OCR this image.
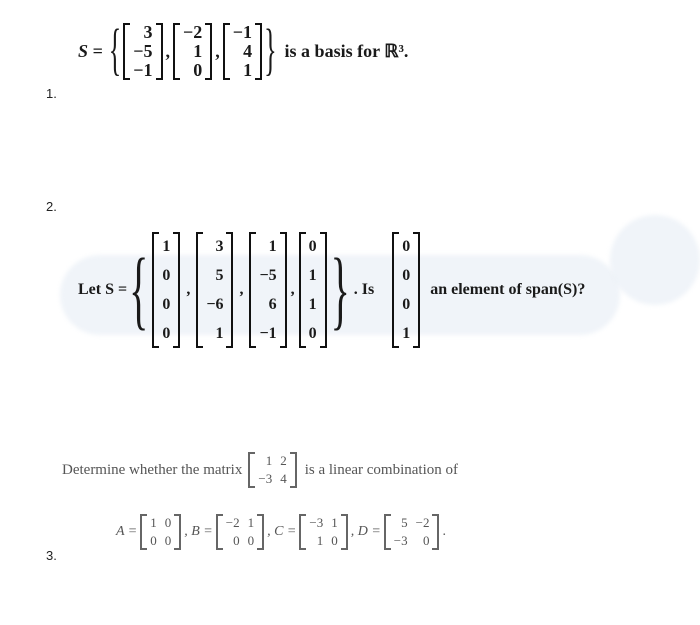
1.
2.
3.
S = { 3
−5
−1
,
−2
1
0
,
−1
4
1 } is a basis for ℝ³.
Let S = { 1
0
0
0
,
3
5
−6
1
,
1
−5
6
−1
,
0
1
1
0 } . Is
0
0
0
1
an element of span(S)?
Determine whether the matrix
1 2
−3 4
is a linear combination of
A =
1 0
0 0
, B =
−2 1
0 0
, C =
−3 1
1 0
, D =
5 −2
−3	0
.
